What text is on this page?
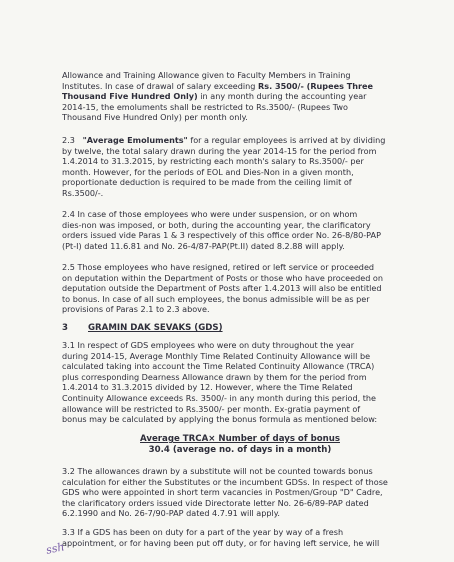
Allowance and Training Allowance given to Faculty Members in Training
Institutes. In case of drawal of salary exceeding Rs. 3500/- (Rupees Three
Thousand Five Hundred Only) in any month during the accounting year
2014-15, the emoluments shall be restricted to Rs.3500/- (Rupees Two
Thousand Five Hundred Only) per month only.
2.3 "Average Emoluments" for a regular employees is arrived at by dividing
by twelve, the total salary drawn during the year 2014-15 for the period from
1.4.2014 to 31.3.2015, by restricting each month's salary to Rs.3500/- per
month. However, for the periods of EOL and Dies-Non in a given month,
proportionate deduction is required to be made from the ceiling limit of
Rs.3500/-.
2.4 In case of those employees who were under suspension, or on whom
dies-non was imposed, or both, during the accounting year, the clarificatory
orders issued vide Paras 1 & 3 respectively of this office order No. 26-8/80-PAP
(Pt-I) dated 11.6.81 and No. 26-4/87-PAP(Pt.II) dated 8.2.88 will apply.
2.5 Those employees who have resigned, retired or left service or proceeded
on deputation within the Department of Posts or those who have proceeded on
deputation outside the Department of Posts after 1.4.2013 will also be entitled
to bonus. In case of all such employees, the bonus admissible will be as per
provisions of Paras 2.1 to 2.3 above.
3 GRAMIN DAK SEVAKS (GDS)
3.1 In respect of GDS employees who were on duty throughout the year
during 2014-15, Average Monthly Time Related Continuity Allowance will be
calculated taking into account the Time Related Continuity Allowance (TRCA)
plus corresponding Dearness Allowance drawn by them for the period from
1.4.2014 to 31.3.2015 divided by 12. However, where the Time Related
Continuity Allowance exceeds Rs. 3500/- in any month during this period, the
allowance will be restricted to Rs.3500/- per month. Ex-gratia payment of
bonus may be calculated by applying the bonus formula as mentioned below:
Average TRCA× Number of days of bonus
30.4 (average no. of days in a month)
3.2 The allowances drawn by a substitute will not be counted towards bonus
calculation for either the Substitutes or the incumbent GDSs. In respect of those
GDS who were appointed in short term vacancies in Postmen/Group "D" Cadre,
the clarificatory orders issued vide Directorate letter No. 26-6/89-PAP dated
6.2.1990 and No. 26-7/90-PAP dated 4.7.91 will apply.
3.3 If a GDS has been on duty for a part of the year by way of a fresh
appointment, or for having been put off duty, or for having left service, he will
ssh
